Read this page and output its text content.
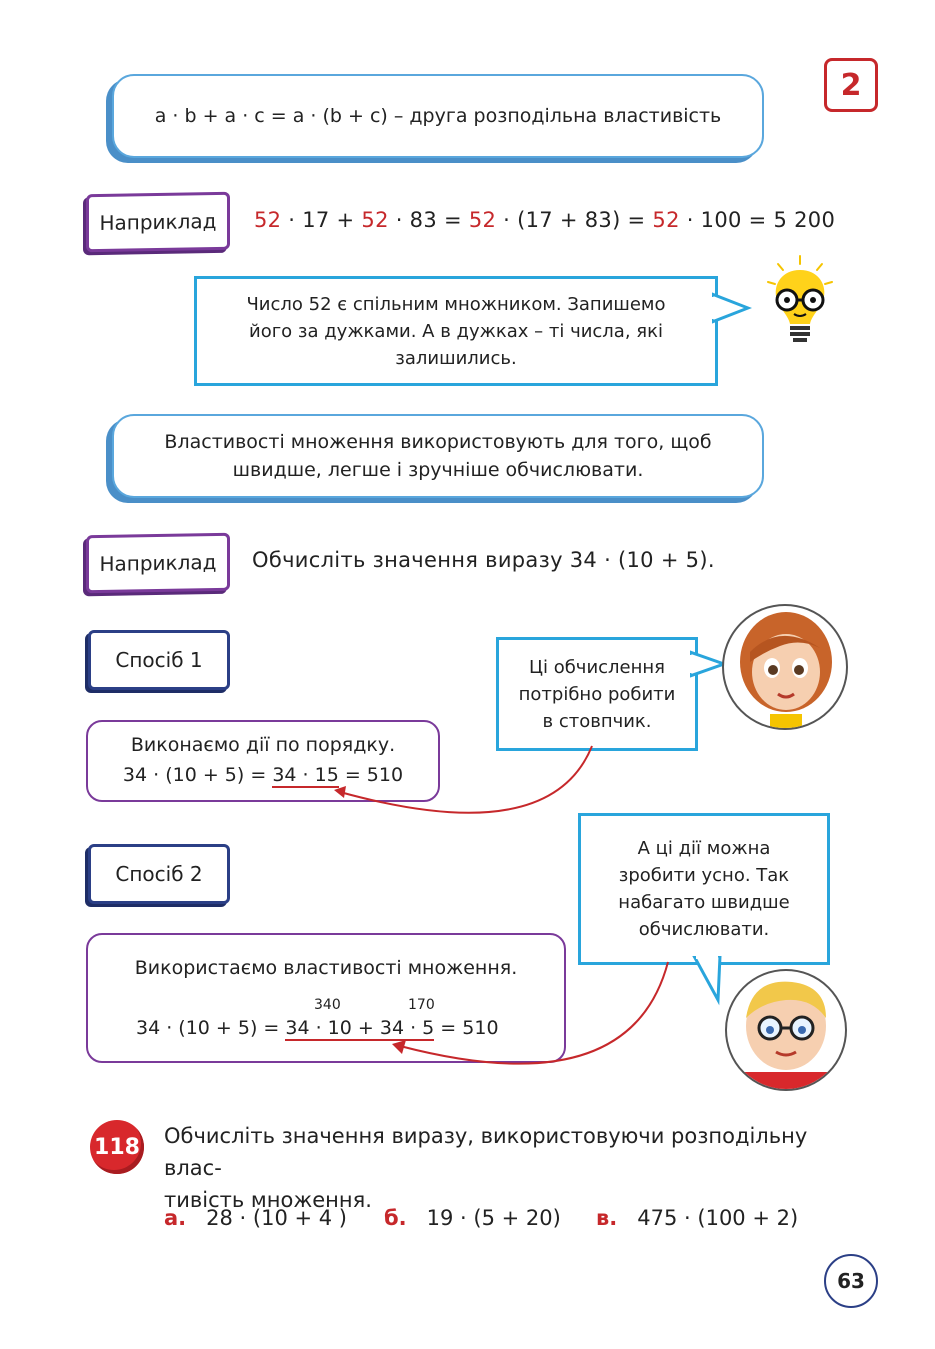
a · b + a · c = a · (b + c) – друга розподільна властивість
2
Наприклад	52 · 17 + 52 · 83 = 52 · (17 + 83) = 52 · 100 = 5 200
Число 52 є спільним множником. Запишемо
його за дужками. А в дужках – ті числа, які
залишились.
Властивості множення використовують для того, щоб
швидше, легше і зручніше обчислювати.
Наприклад	Обчисліть значення виразу 34 · (10 + 5).
Спосіб 1
Виконаємо дії по порядку.
34 · (10 + 5) = 34 · 15 = 510
Ці обчислення
потрібно робити
в стовпчик.
Спосіб 2
Використаємо властивості множення.
340	170
34 · (10 + 5) = 34 · 10 + 34 · 5 = 510
А ці дії можна
зробити усно. Так
набагато швидше
обчислювати.
118 Обчисліть значення виразу, використовуючи розподільну влас-
тивість множення.
а. 28 · (10 + 4 ) б. 19 · (5 + 20) в. 475 · (100 + 2)
63
